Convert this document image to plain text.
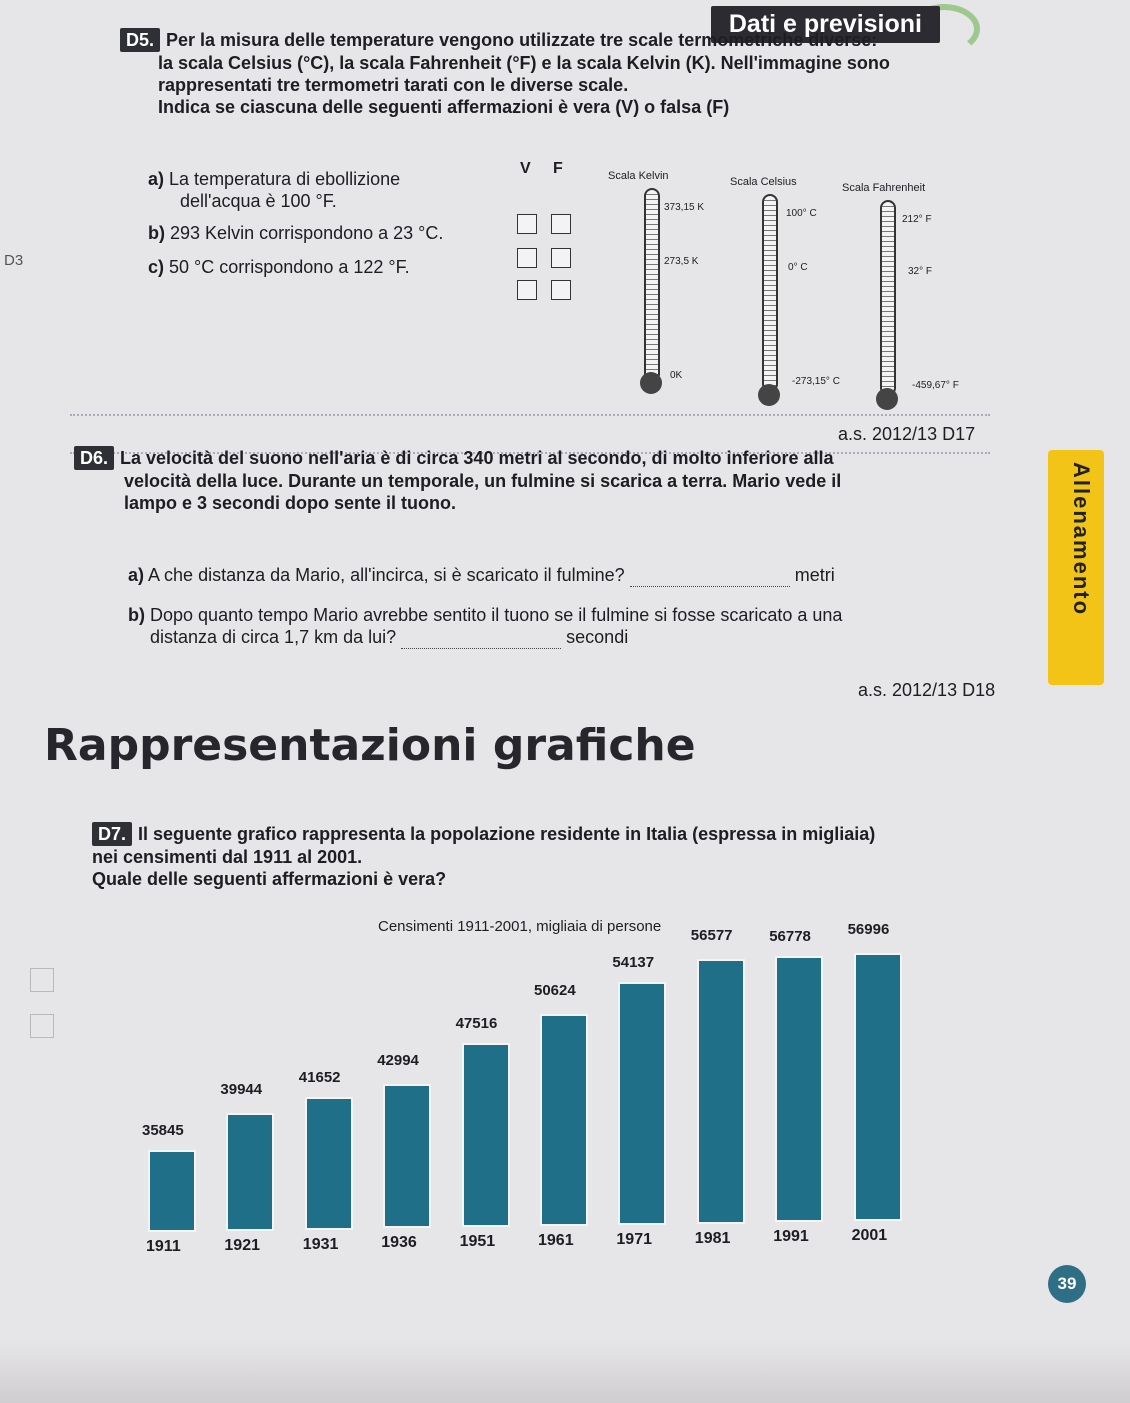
Dati e previsioni
D3
D5. Per la misura delle temperature vengono utilizzate tre scale termometriche diverse:
la scala Celsius (°C), la scala Fahrenheit (°F) e la scala Kelvin (K). Nell'immagine sono
rappresentati tre termometri tarati con le diverse scale.
Indica se ciascuna delle seguenti affermazioni è vera (V) o falsa (F)
V F
a) La temperatura di ebollizione
dell'acqua è 100 °F.
b) 293 Kelvin corrispondono a 23 °C.
c) 50 °C corrispondono a 122 °F.
Scala Kelvin
373,15 K
273,5 K
0K
Scala Celsius
100° C
0° C
-273,15° C
Scala Fahrenheit
212° F
32° F
-459,67° F
a.s. 2012/13 D17
D6. La velocità del suono nell'aria è di circa 340 metri al secondo, di molto inferiore alla
velocità della luce. Durante un temporale, un fulmine si scarica a terra. Mario vede il
lampo e 3 secondi dopo sente il tuono.
a) A che distanza da Mario, all'incirca, si è scaricato il fulmine?	metri
b) Dopo quanto tempo Mario avrebbe sentito il tuono se il fulmine si fosse scaricato a una
distanza di circa 1,7 km da lui?	secondi
a.s. 2012/13 D18
Allenamento
Rappresentazioni grafiche
D7. Il seguente grafico rappresenta la popolazione residente in Italia (espressa in migliaia)
nei censimenti dal 1911 al 2001.
Quale delle seguenti affermazioni è vera?
Censimenti 1911-2001, migliaia di persone
35845
1911
39944
1921
41652
1931
42994
1936
47516
1951
50624
1961
54137
1971
56577
1981
56778
1991
56996
2001
39
